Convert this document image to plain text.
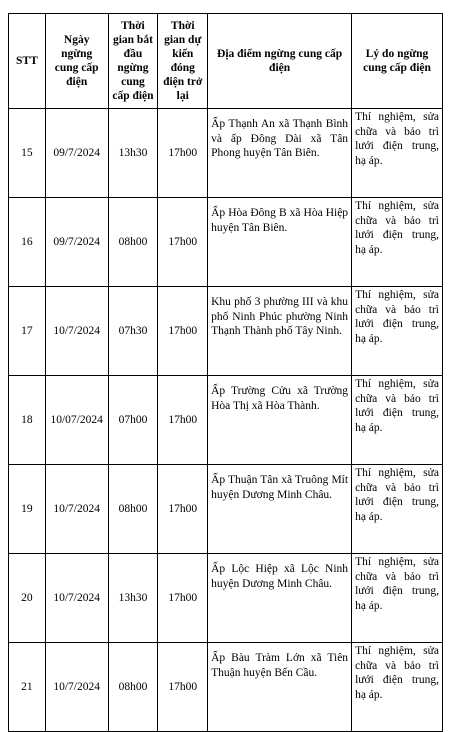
STT	Ngày ngừng cung cấp điện	Thời gian bắt đầu ngừng cung cấp điện	Thời gian dự kiến đóng điện trở lại	Địa điểm ngừng cung cấp điện	Lý do ngừng cung cấp điện
15	09/7/2024	13h30	17h00	Ấp Thạnh An xã Thạnh Bình và ấp Đông Dài xã Tân Phong huyện Tân Biên.	Thí nghiệm, sửa chữa và bảo trì lưới điện trung, hạ áp.
16	09/7/2024	08h00	17h00	Ấp Hòa Đông B xã Hòa Hiệp huyện Tân Biên.	Thí nghiệm, sửa chữa và bảo trì lưới điện trung, hạ áp.
17	10/7/2024	07h30	17h00	Khu phố 3 phường III và khu phố Ninh Phúc phường Ninh Thạnh Thành phố Tây Ninh.	Thí nghiệm, sửa chữa và bảo trì lưới điện trung, hạ áp.
18	10/07/2024	07h00	17h00	Ấp Trường Cửu xã Trường Hòa Thị xã Hòa Thành.	Thí nghiệm, sửa chữa và bảo trì lưới điện trung, hạ áp.
19	10/7/2024	08h00	17h00	Ấp Thuận Tân xã Truông Mít huyện Dương Minh Châu.	Thí nghiệm, sửa chữa và bảo trì lưới điện trung, hạ áp.
20	10/7/2024	13h30	17h00	Ấp Lộc Hiệp xã Lộc Ninh huyện Dương Minh Châu.	Thí nghiệm, sửa chữa và bảo trì lưới điện trung, hạ áp.
21	10/7/2024	08h00	17h00	Ấp Bàu Tràm Lớn xã Tiên Thuận huyện Bến Cầu.	Thí nghiệm, sửa chữa và bảo trì lưới điện trung, hạ áp.
